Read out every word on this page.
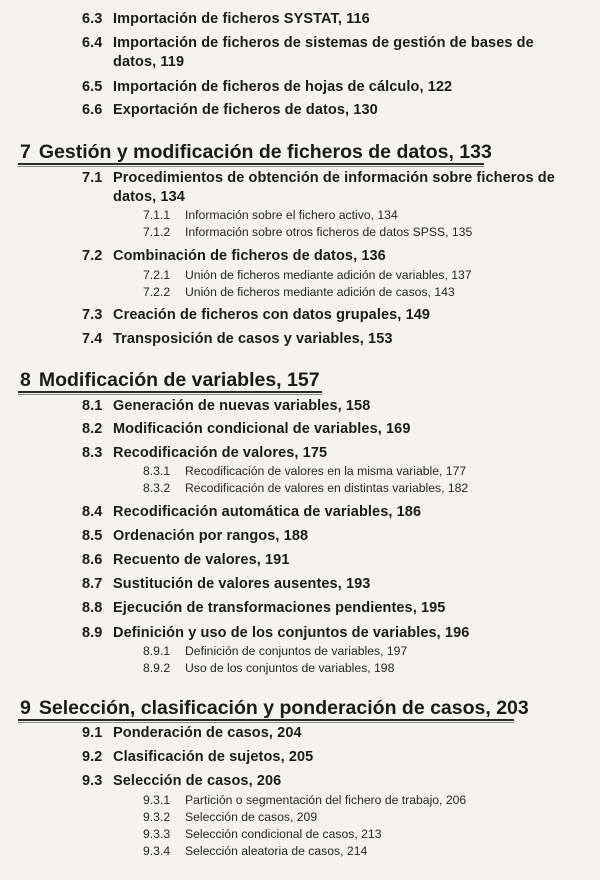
6.3 Importación de ficheros SYSTAT, 116
6.4 Importación de ficheros de sistemas de gestión de bases de
datos, 119
6.5 Importación de ficheros de hojas de cálculo, 122
6.6 Exportación de ficheros de datos, 130
7 Gestión y modificación de ficheros de datos, 133
7.1 Procedimientos de obtención de información sobre ficheros de
datos, 134
7.1.1 Información sobre el fichero activo, 134
7.1.2 Información sobre otros ficheros de datos SPSS, 135
7.2 Combinación de ficheros de datos, 136
7.2.1 Unión de ficheros mediante adición de variables, 137
7.2.2 Unión de ficheros mediante adición de casos, 143
7.3 Creación de ficheros con datos grupales, 149
7.4 Transposición de casos y variables, 153
8 Modificación de variables, 157
8.1 Generación de nuevas variables, 158
8.2 Modificación condicional de variables, 169
8.3 Recodificación de valores, 175
8.3.1 Recodificación de valores en la misma variable, 177
8.3.2 Recodificación de valores en distintas variables, 182
8.4 Recodificación automática de variables, 186
8.5 Ordenación por rangos, 188
8.6 Recuento de valores, 191
8.7 Sustitución de valores ausentes, 193
8.8 Ejecución de transformaciones pendientes, 195
8.9 Definición y uso de los conjuntos de variables, 196
8.9.1 Definición de conjuntos de variables, 197
8.9.2 Uso de los conjuntos de variables, 198
9 Selección, clasificación y ponderación de casos, 203
9.1 Ponderación de casos, 204
9.2 Clasificación de sujetos, 205
9.3 Selección de casos, 206
9.3.1 Partición o segmentación del fichero de trabajo, 206
9.3.2 Selección de casos, 209
9.3.3 Selección condicional de casos, 213
9.3.4 Selección aleatoria de casos, 214
